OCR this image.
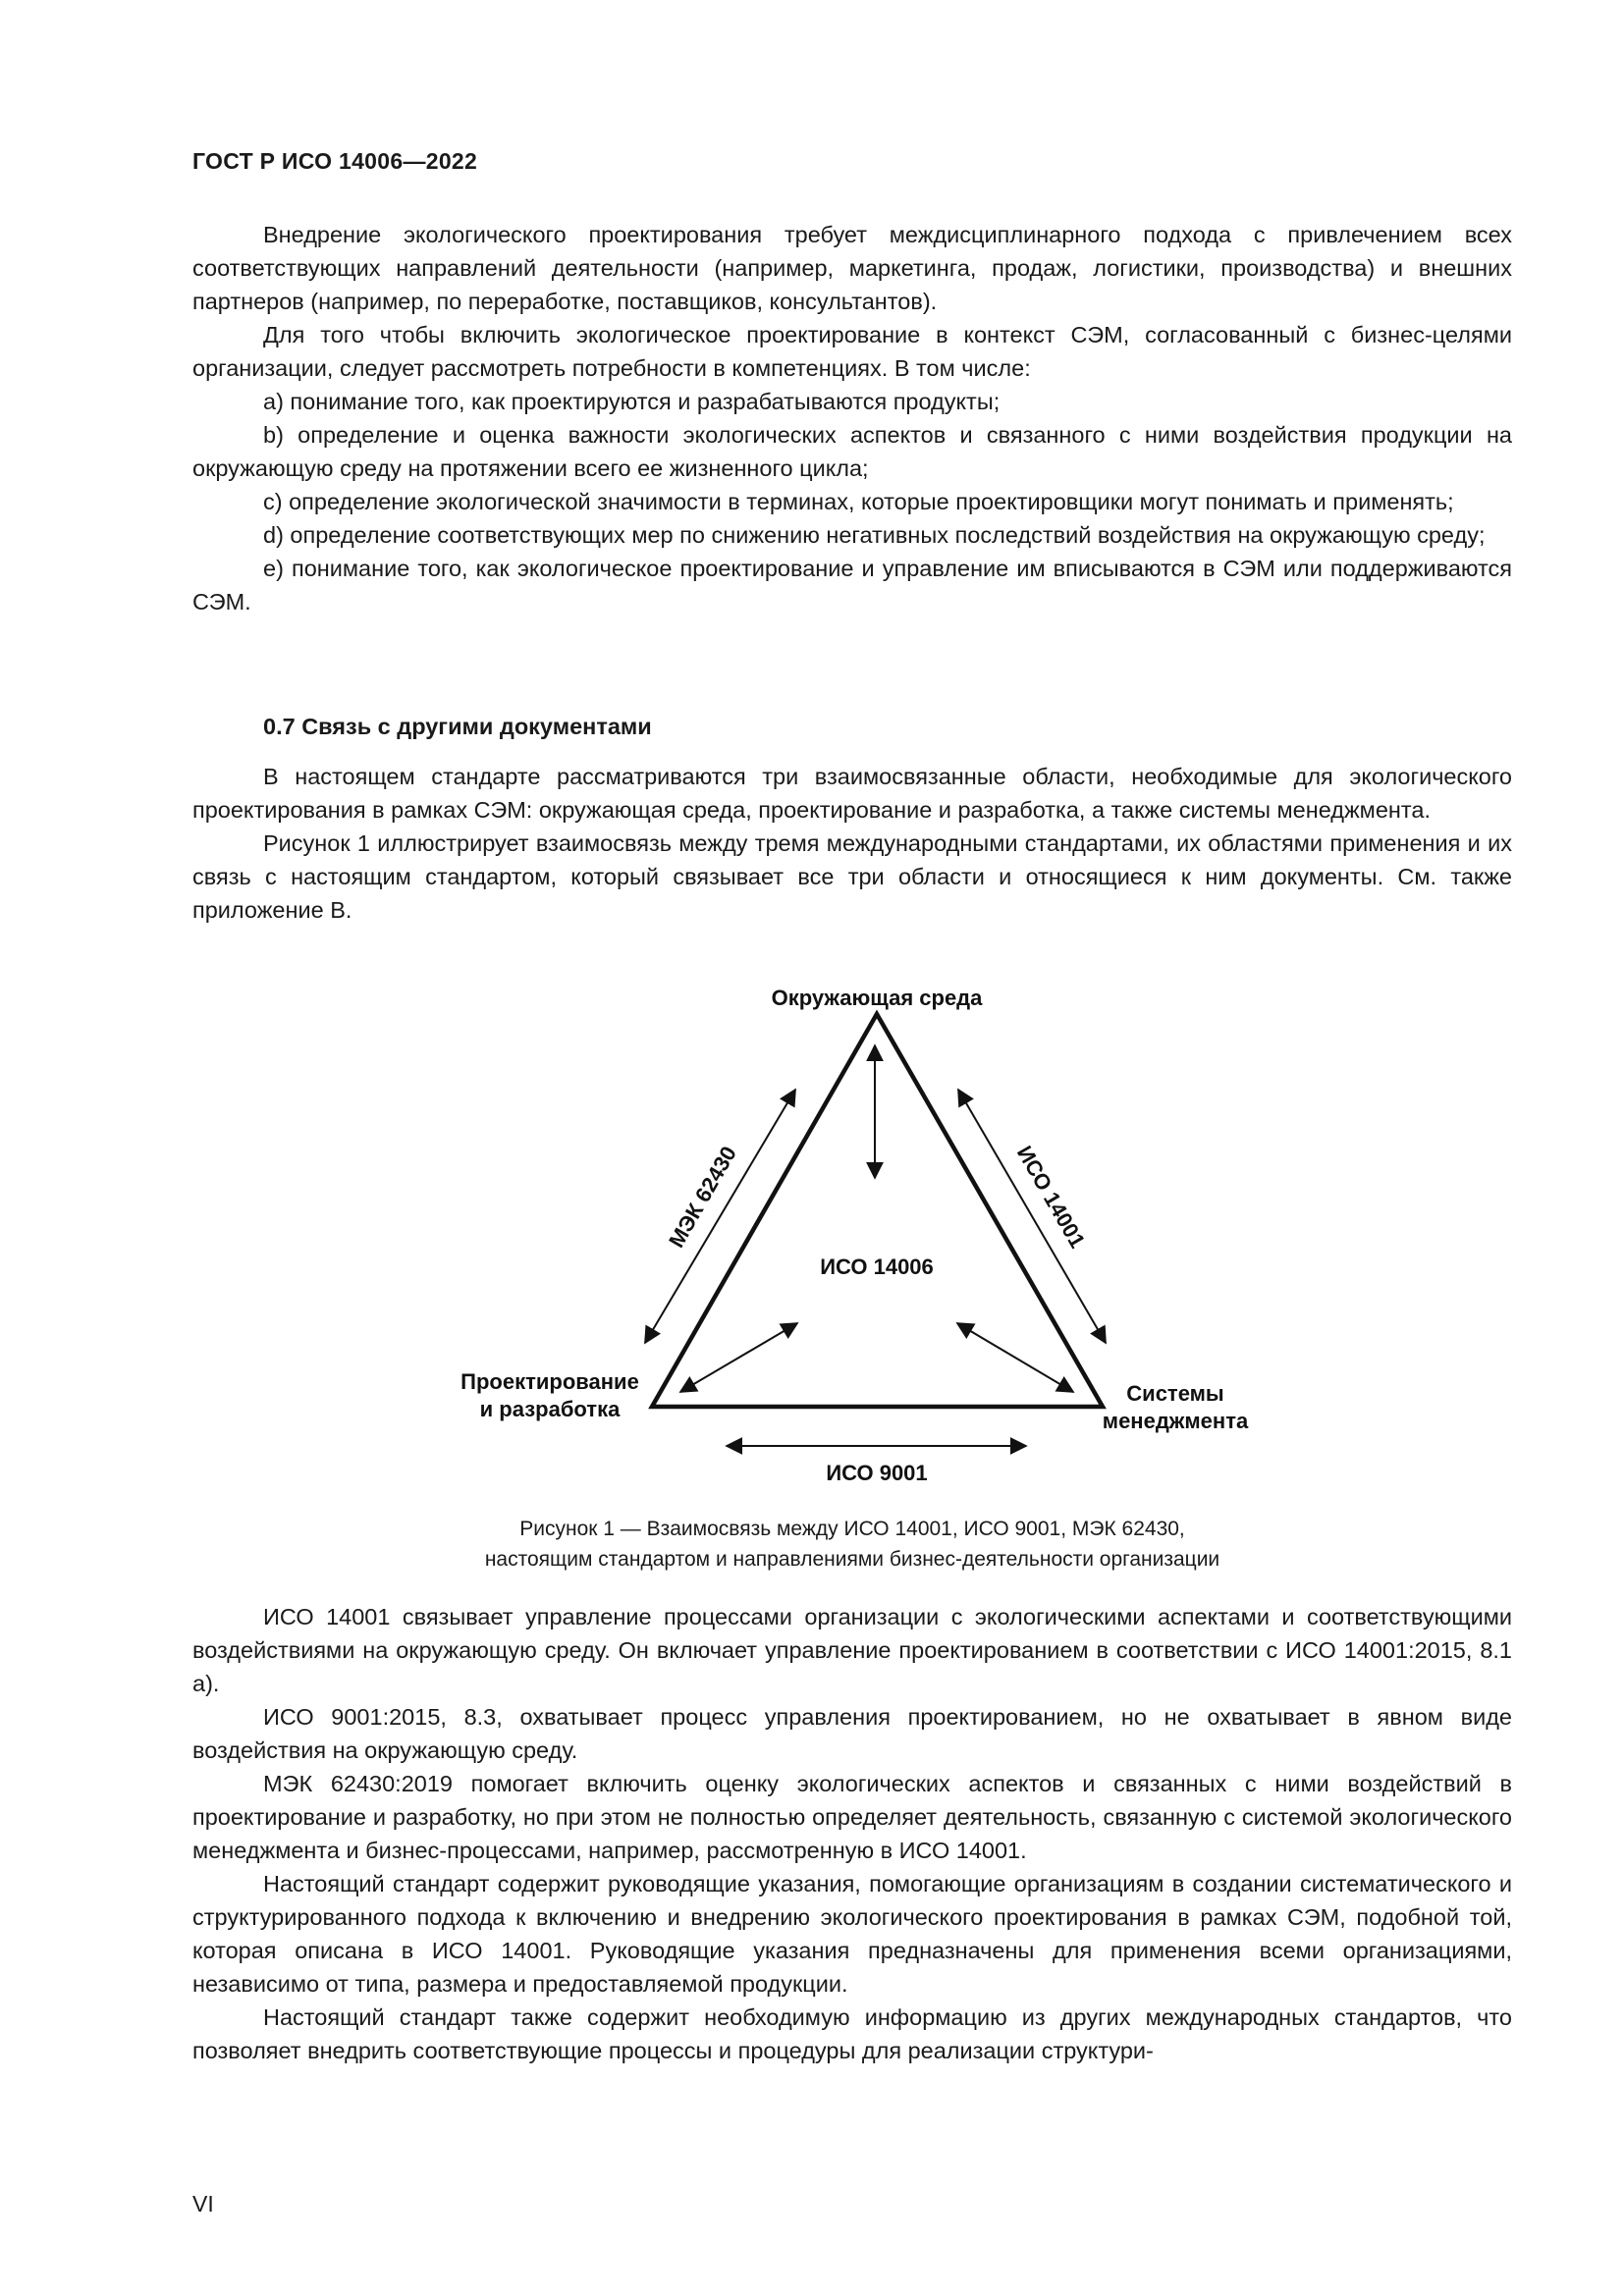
ГОСТ Р ИСО 14006—2022

Внедрение экологического проектирования требует междисциплинарного подхода с привлечением всех соответствующих направлений деятельности (например, маркетинга, продаж, логистики, производства) и внешних партнеров (например, по переработке, поставщиков, консультантов).

Для того чтобы включить экологическое проектирование в контекст СЭМ, согласованный с бизнес-целями организации, следует рассмотреть потребности в компетенциях. В том числе:

a) понимание того, как проектируются и разрабатываются продукты;

b) определение и оценка важности экологических аспектов и связанного с ними воздействия продукции на окружающую среду на протяжении всего ее жизненного цикла;

c) определение экологической значимости в терминах, которые проектировщики могут понимать и применять;

d) определение соответствующих мер по снижению негативных последствий воздействия на окружающую среду;

e) понимание того, как экологическое проектирование и управление им вписываются в СЭМ или поддерживаются СЭМ.

0.7 Связь с другими документами

В настоящем стандарте рассматриваются три взаимосвязанные области, необходимые для экологического проектирования в рамках СЭМ: окружающая среда, проектирование и разработка, а также системы менеджмента.

Рисунок 1 иллюстрирует взаимосвязь между тремя международными стандартами, их областями применения и их связь с настоящим стандартом, который связывает все три области и относящиеся к ним документы. См. также приложение В.

Окружающая среда
Проектирование
и разработка
Системы
менеджмента
ИСО 14006
МЭК 62430	ИСО 14001
ИСО 9001
Рисунок 1 — Взаимосвязь между ИСО 14001, ИСО 9001, МЭК 62430,
настоящим стандартом и направлениями бизнес-деятельности организации

ИСО 14001 связывает управление процессами организации с экологическими аспектами и соответствующими воздействиями на окружающую среду. Он включает управление проектированием в соответствии с ИСО 14001:2015, 8.1 а).

ИСО 9001:2015, 8.3, охватывает процесс управления проектированием, но не охватывает в явном виде воздействия на окружающую среду.

МЭК 62430:2019 помогает включить оценку экологических аспектов и связанных с ними воздействий в проектирование и разработку, но при этом не полностью определяет деятельность, связанную с системой экологического менеджмента и бизнес-процессами, например, рассмотренную в ИСО 14001.

Настоящий стандарт содержит руководящие указания, помогающие организациям в создании систематического и структурированного подхода к включению и внедрению экологического проектирования в рамках СЭМ, подобной той, которая описана в ИСО 14001. Руководящие указания предназначены для применения всеми организациями, независимо от типа, размера и предоставляемой продукции.

Настоящий стандарт также содержит необходимую информацию из других международных стандартов, что позволяет внедрить соответствующие процессы и процедуры для реализации структури-

VI
